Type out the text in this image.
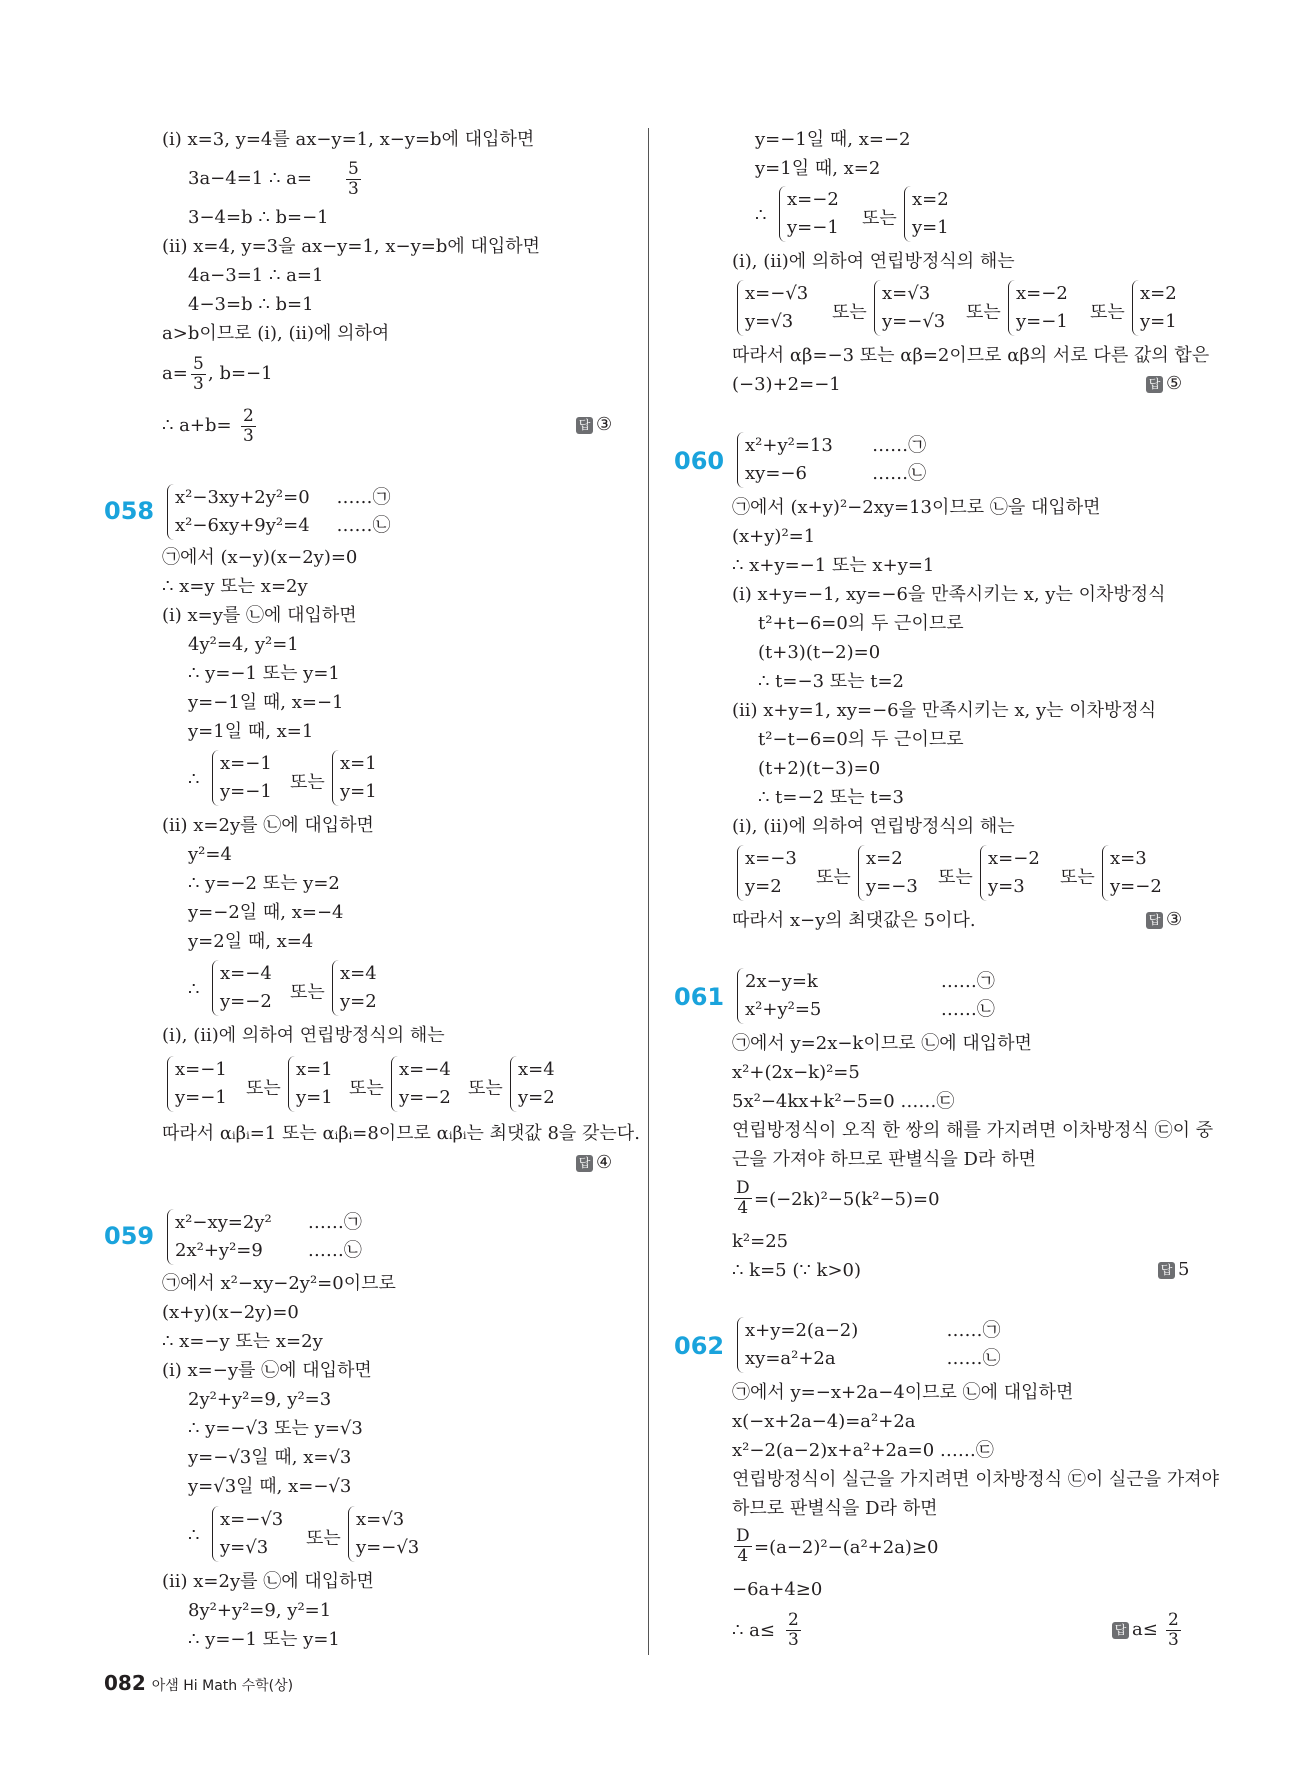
(ⅰ) x=3, y=4를 ax−y=1, x−y=b에 대입하면
3a−4=1 ∴ $a= \frac{5}{3}$
3−4=b ∴ b=−1
(ⅱ) x=4, y=3을 ax−y=1, x−y=b에 대입하면
4a−3=1 ∴ a=1
4−3=b ∴ b=1
a>b이므로 (ⅰ), (ⅱ)에 의하여
$a= \frac{5}{3}$ , b=−1
∴ $a+b= \frac{2}{3}$	답 ③
058 x²−3xy+2y²=0 ……㉠
x²−6xy+9y²=4 ……㉡
㉠에서 (x−y)(x−2y)=0
∴ x=y 또는 x=2y
(ⅰ) x=y를 ㉡에 대입하면
4y²=4, y²=1
∴ y=−1 또는 y=1
y=−1일 때, x=−1
y=1일 때, x=1
∴
x=−1
y=−1 또는
x=1
y=1
(ⅱ) x=2y를 ㉡에 대입하면
y²=4
∴ y=−2 또는 y=2
y=−2일 때, x=−4
y=2일 때, x=4
∴
x=−4
y=−2 또는
x=4
y=2
(ⅰ), (ⅱ)에 의하여 연립방정식의 해는
x=−1
y=−1 또는
x=1
y=1 또는
x=−4
y=−2 또는
x=4
y=2
따라서 αᵢβᵢ=1 또는 αᵢβᵢ=8이므로 αᵢβᵢ는 최댓값 8을 갖는다.
답 ④
059 x²−xy=2y² ……㉠
2x²+y²=9	……㉡
㉠에서 x²−xy−2y²=0이므로
(x+y)(x−2y)=0
∴ x=−y 또는 x=2y
(ⅰ) x=−y를 ㉡에 대입하면
2y²+y²=9, y²=3
∴ y=−√3 또는 y=√3
y=−√3일 때, x=√3
y=√3일 때, x=−√3
∴
x=−√3
y=√3	또는
x=√3
y=−√3
(ⅱ) x=2y를 ㉡에 대입하면
8y²+y²=9, y²=1
∴ y=−1 또는 y=1
082 아샘 Hi Math 수학(상)
y=−1일 때, x=−2
y=1일 때, x=2
∴
x=−2
y=−1 또는
x=2
y=1
(ⅰ), (ⅱ)에 의하여 연립방정식의 해는
x=−√3
y=√3	또는
x=√3
y=−√3 또는
x=−2
y=−1 또는
x=2
y=1
따라서 αβ=−3 또는 αβ=2이므로 αβ의 서로 다른 값의 합은
(−3)+2=−1	답 ⑤
060
x²+y²=13 ……㉠
xy=−6	……㉡
㉠에서 (x+y)²−2xy=13이므로 ㉡을 대입하면
(x+y)²=1
∴ x+y=−1 또는 x+y=1
(ⅰ) x+y=−1, xy=−6을 만족시키는 x, y는 이차방정식
t²+t−6=0의 두 근이므로
(t+3)(t−2)=0
∴ t=−3 또는 t=2
(ⅱ) x+y=1, xy=−6을 만족시키는 x, y는 이차방정식
t²−t−6=0의 두 근이므로
(t+2)(t−3)=0
∴ t=−2 또는 t=3
(ⅰ), (ⅱ)에 의하여 연립방정식의 해는
x=−3
y=2	또는
x=2
y=−3 또는
x=−2
y=3	또는
x=3
y=−2
따라서 x−y의 최댓값은 5이다.	답 ③
061
2x−y=k	……㉠
x²+y²=5	……㉡
㉠에서 y=2x−k이므로 ㉡에 대입하면
x²+(2x−k)²=5
5x²−4kx+k²−5=0 ……㉢
연립방정식이 오직 한 쌍의 해를 가지려면 이차방정식 ㉢이 중
근을 가져야 하므로 판별식을 D라 하면
$\frac{D}{4} =(-2k)^2-5(k^2-5)=0$
k²=25
∴ k=5 (∵ k>0)	답 5
062
x+y=2(a−2)	……㉠
xy=a²+2a	……㉡
㉠에서 y=−x+2a−4이므로 ㉡에 대입하면
x(−x+2a−4)=a²+2a
x²−2(a−2)x+a²+2a=0 ……㉢
연립방정식이 실근을 가지려면 이차방정식 ㉢이 실근을 가져야
하므로 판별식을 D라 하면
$\frac{D}{4} =(a-2)^2-(a^2+2a)\ge 0$
−6a+4≥0
∴ $a\le \frac{2}{3}$	답 $a\le \frac{2}{3}$
